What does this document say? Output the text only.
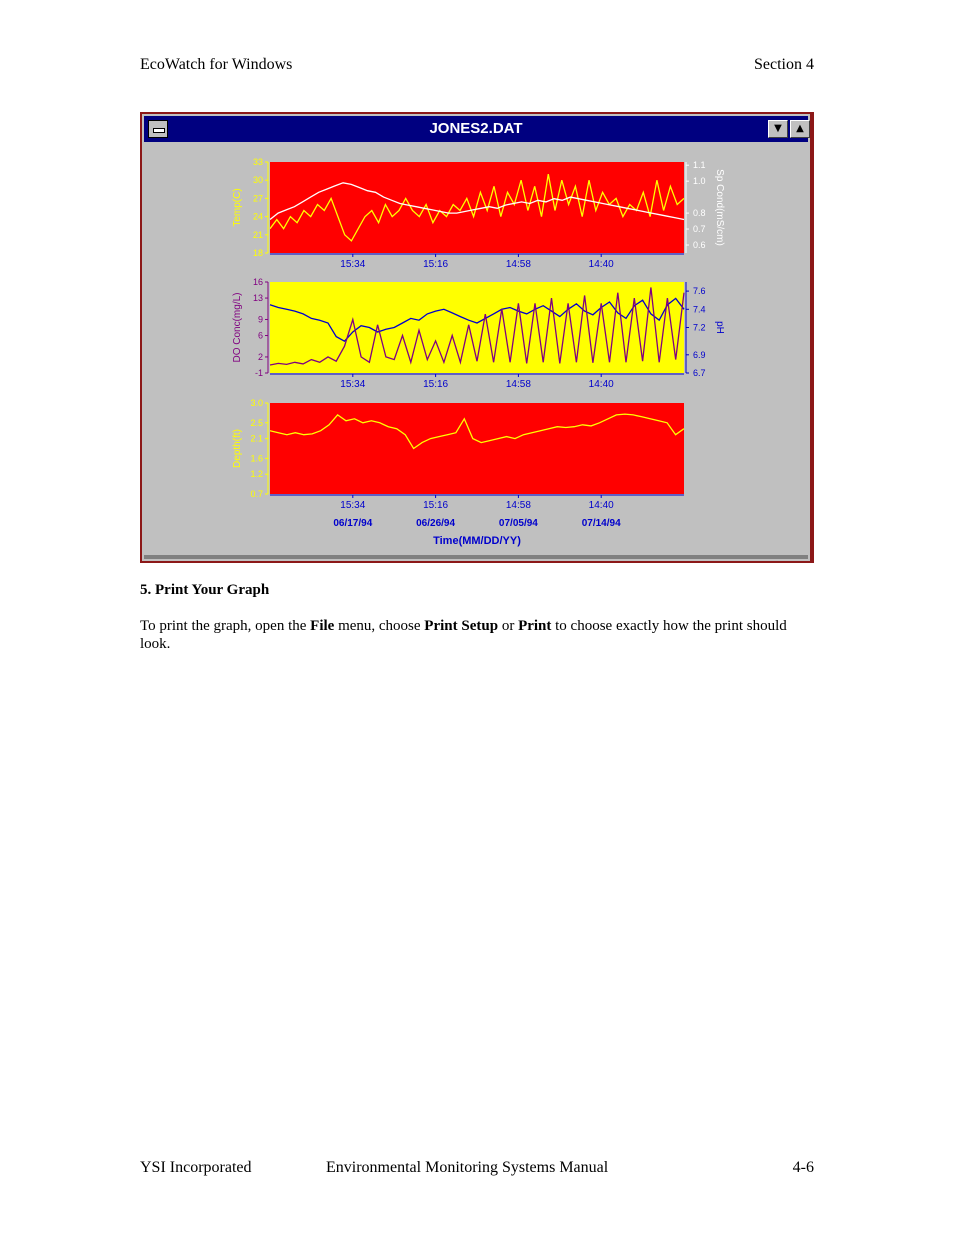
EcoWatch for Windows	Section 4
JONES2.DAT	▼	▲
18
21
24
27
30
33
Temp(C)
0.6
0.7
0.8
1.0
1.1
Sp Cond(mS/cm)
15:34	15:16	14:58	14:40
-1
2
6
9
13
16
DO Conc(mg/L)
6.7
6.9
7.2
7.4
7.6
pH
15:34	15:16	14:58	14:40
0.7
1.2
1.6
2.1
2.5
3.0
Depth(ft)
15:34	15:16	14:58	14:40
06/17/94	06/26/94	07/05/94	07/14/94
Time(MM/DD/YY)
5. Print Your Graph
To print the graph, open the File menu, choose Print Setup or Print to choose exactly how the print should look.
YSI Incorporated	Environmental Monitoring Systems Manual	4-6
